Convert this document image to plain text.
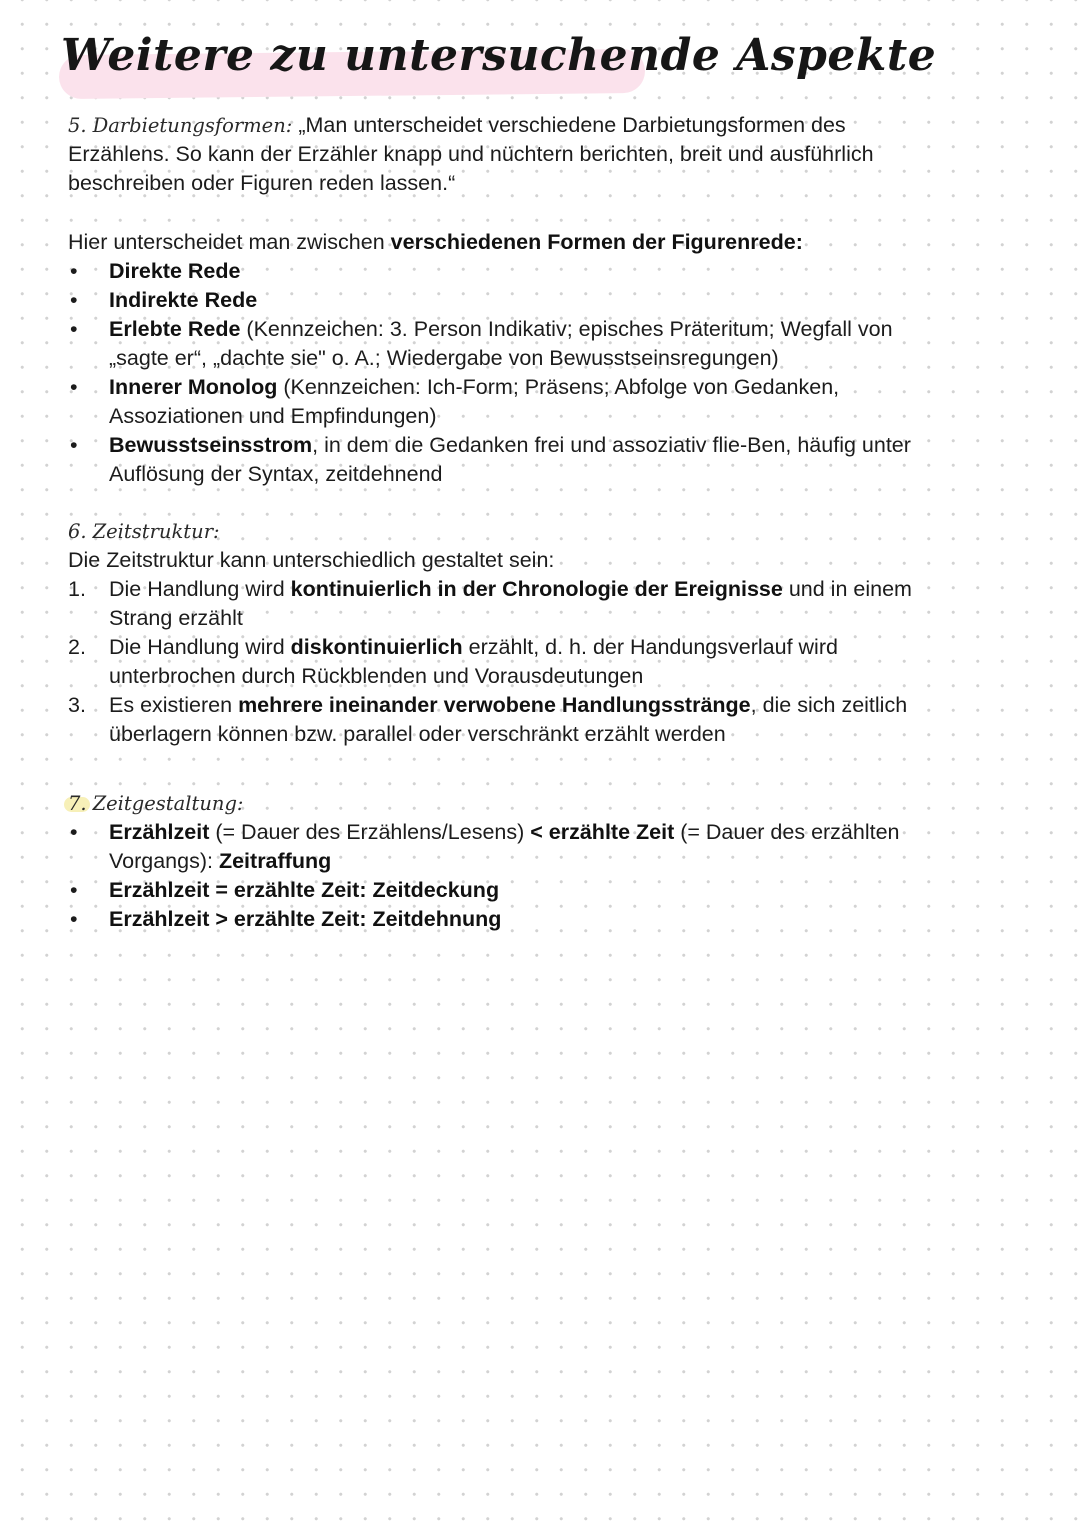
Weitere zu untersuchende Aspekte

5. Darbietungsformen: „Man unterscheidet verschiedene Darbietungsformen des Erzählens. So kann der Erzähler knapp und nüchtern berichten, breit und ausführlich beschreiben oder Figuren reden lassen.“

Hier unterscheidet man zwischen verschiedenen Formen der Figurenrede:

• Direkte Rede
• Indirekte Rede
• Erlebte Rede (Kennzeichen: 3. Person Indikativ; episches Präteritum; Wegfall von „sagte er“, „dachte sie" o. A.; Wiedergabe von Bewusstseinsregungen)
• Innerer Monolog (Kennzeichen: Ich-Form; Präsens; Abfolge von Gedanken, Assoziationen und Empfindungen)
• Bewusstseinsstrom, in dem die Gedanken frei und assoziativ flie-Ben, häufig unter Auflösung der Syntax, zeitdehnend

6. Zeitstruktur:

Die Zeitstruktur kann unterschiedlich gestaltet sein:

1. Die Handlung wird kontinuierlich in der Chronologie der Ereignisse und in einem Strang erzählt
2. Die Handlung wird diskontinuierlich erzählt, d. h. der Handungsverlauf wird unterbrochen durch Rückblenden und Vorausdeutungen
3. Es existieren mehrere ineinander verwobene Handlungsstränge, die sich zeitlich überlagern können bzw. parallel oder verschränkt erzählt werden

7. Zeitgestaltung:

• Erzählzeit (= Dauer des Erzählens/Lesens) < erzählte Zeit (= Dauer des erzählten Vorgangs): Zeitraffung
• Erzählzeit = erzählte Zeit: Zeitdeckung
• Erzählzeit > erzählte Zeit: Zeitdehnung
